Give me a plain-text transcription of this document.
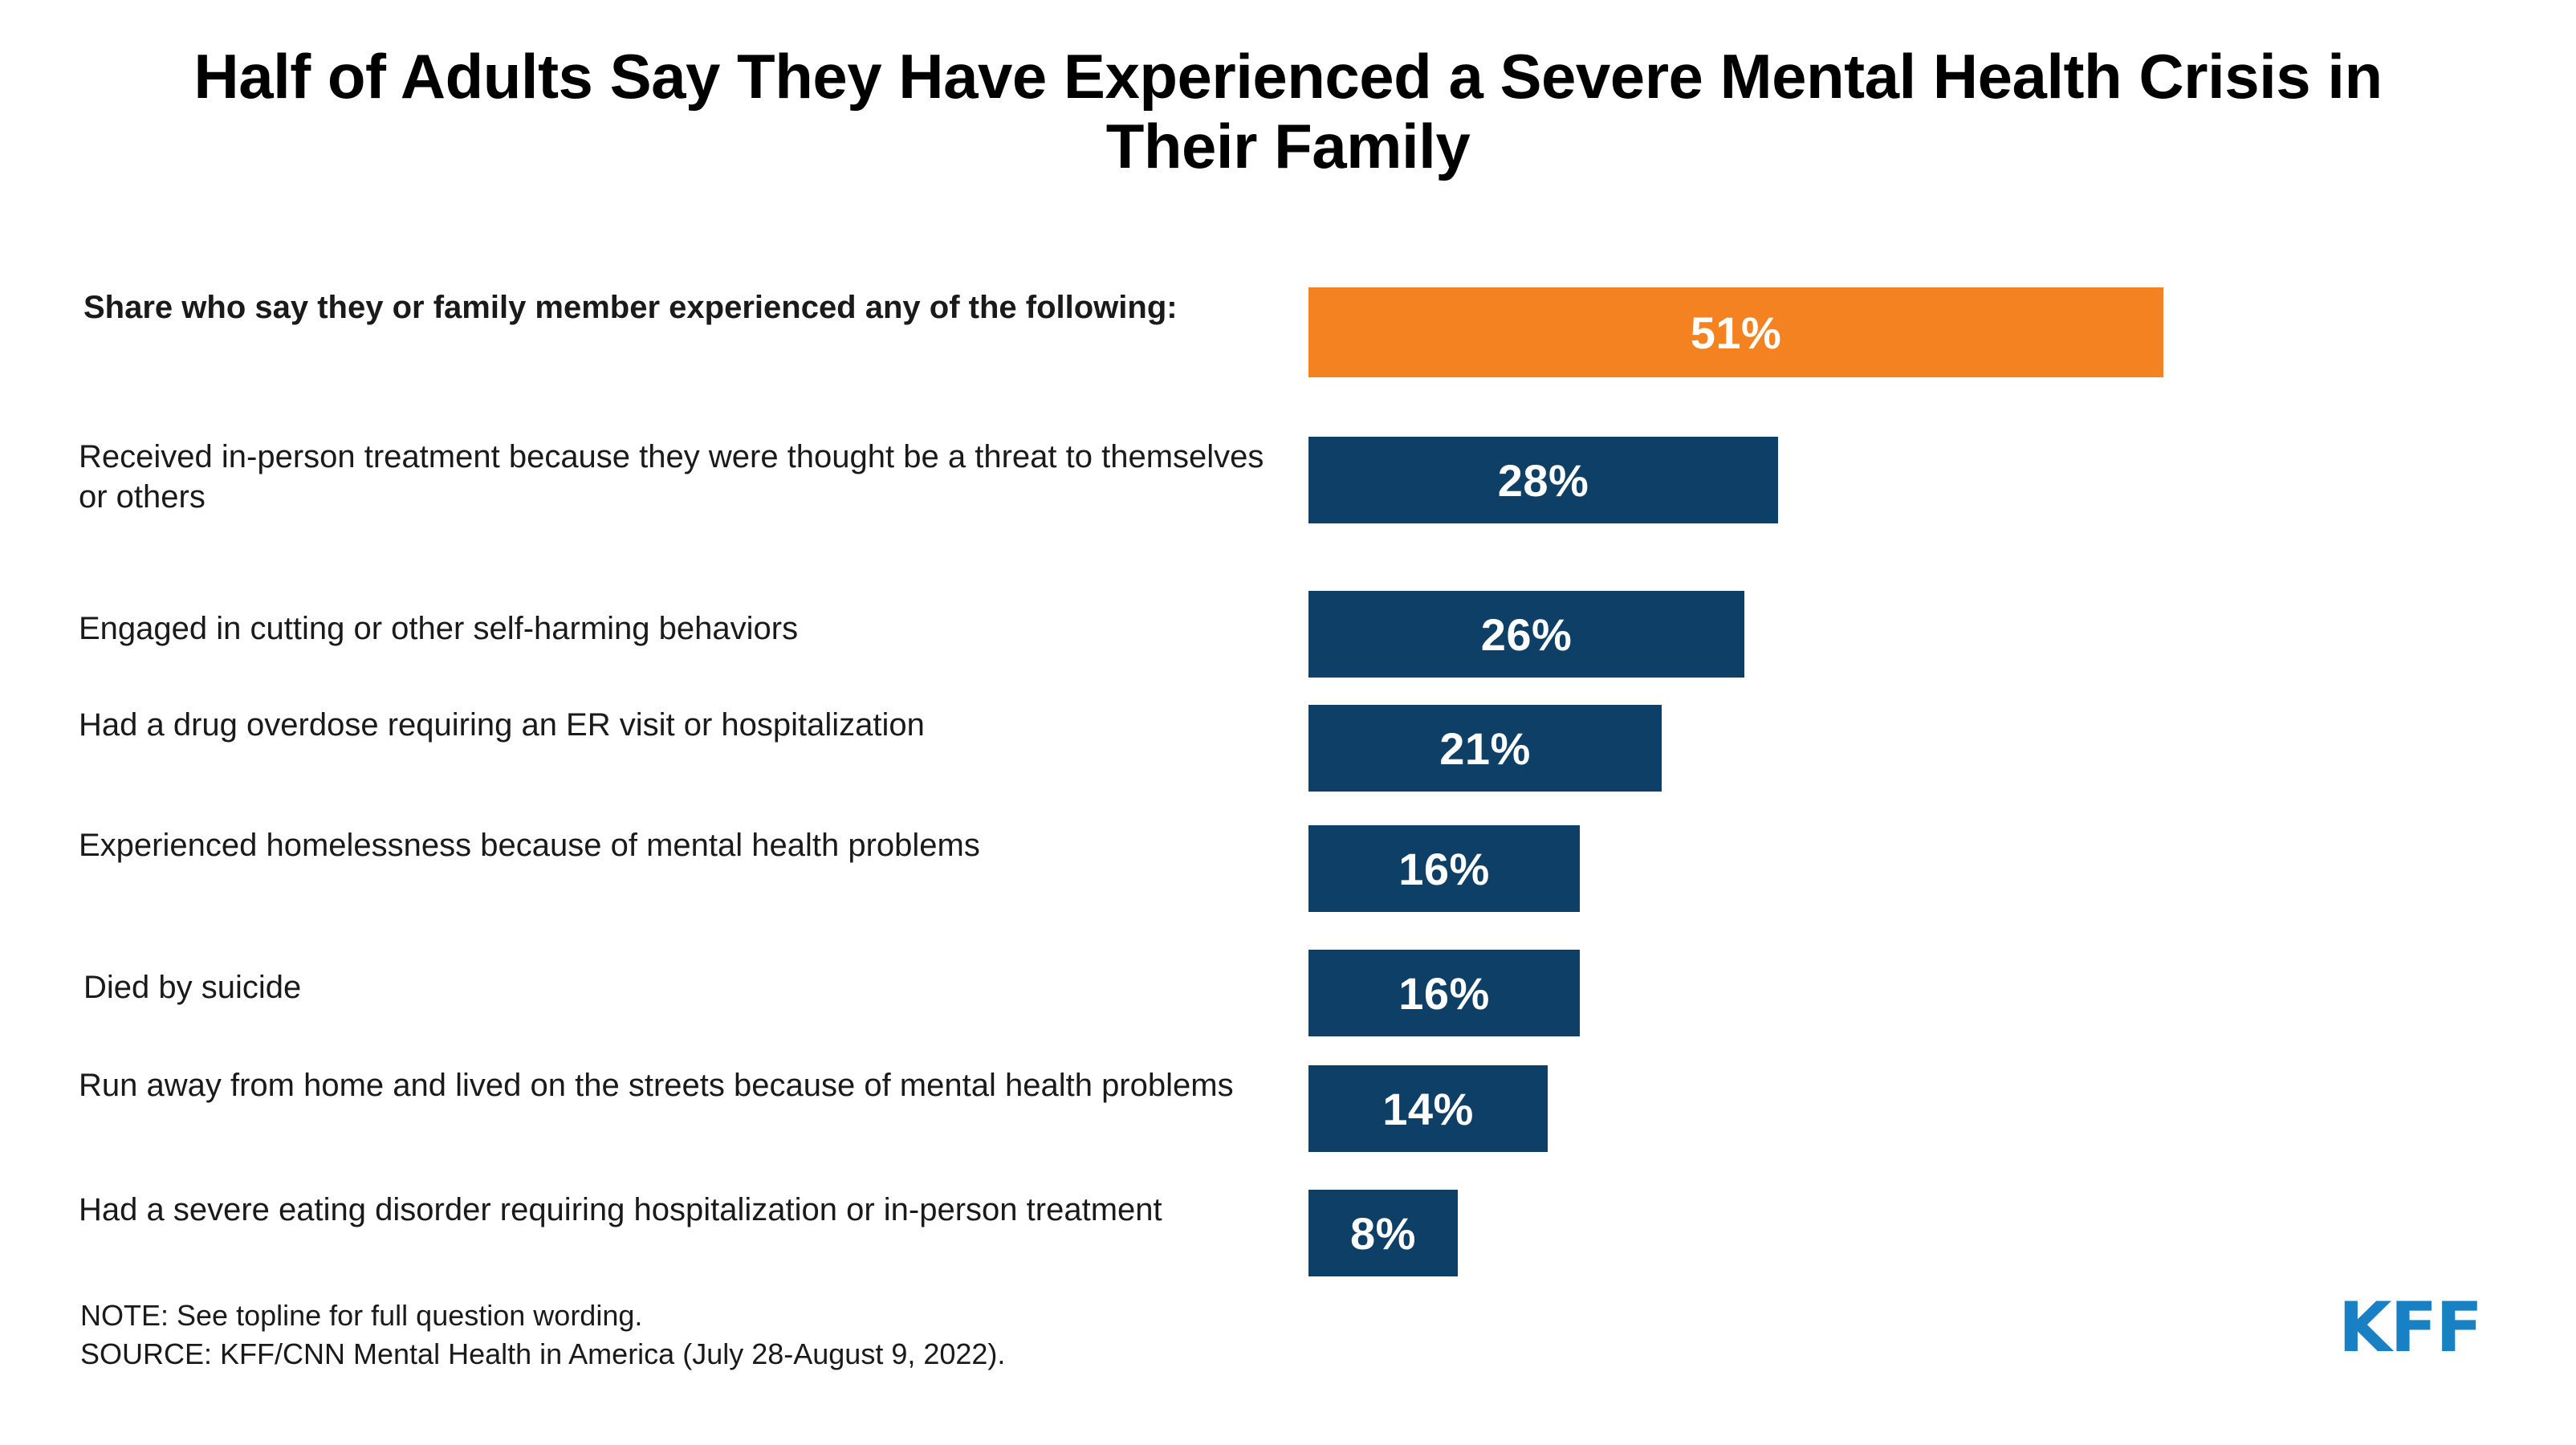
Half of Adults Say They Have Experienced a Severe Mental Health Crisis in Their Family
Share who say they or family member experienced any of the following:	51%
Received in-person treatment because they were thought be a threat to themselves or others	28%
Engaged in cutting or other self-harming behaviors	26%
Had a drug overdose requiring an ER visit or hospitalization	21%
Experienced homelessness because of mental health problems	16%
Died by suicide	16%
Run away from home and lived on the streets because of mental health problems	14%
Had a severe eating disorder requiring hospitalization or in-person treatment	8%
NOTE: See topline for full question wording.
SOURCE: KFF/CNN Mental Health in America (July 28-August 9, 2022).	KFF
